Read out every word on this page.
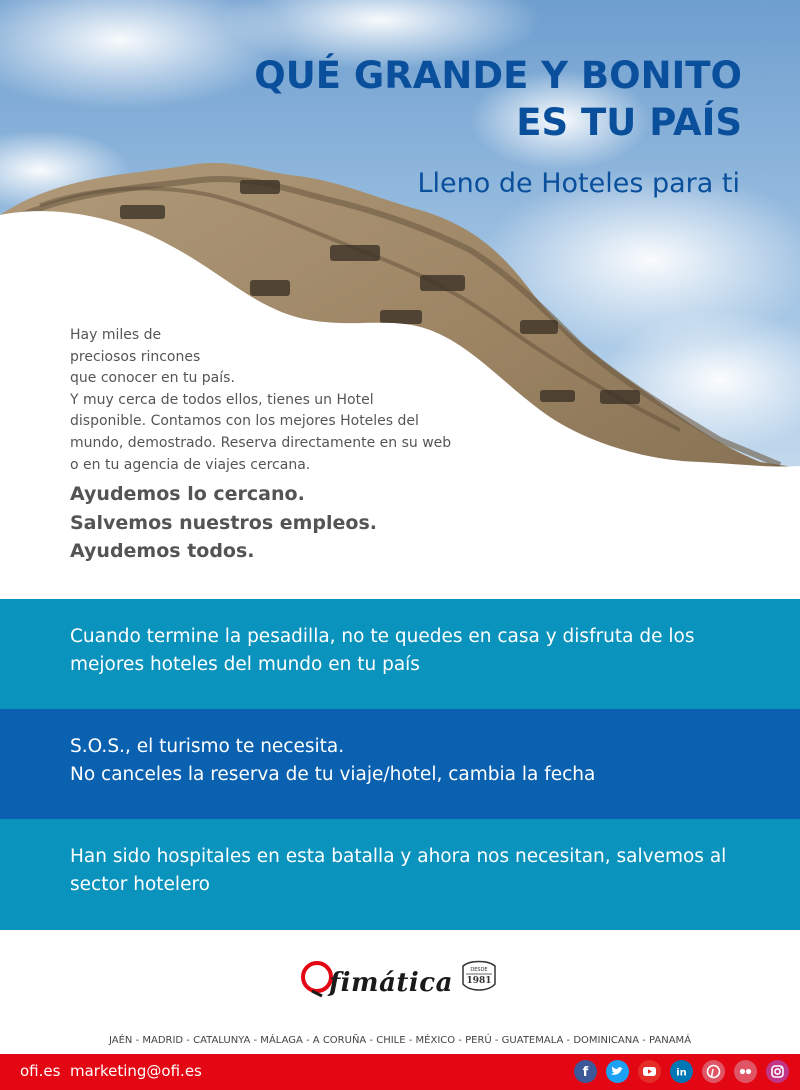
QUÉ GRANDE Y BONITO
ES TU PAÍS
Lleno de Hoteles para ti
Hay miles de
preciosos rincones
que conocer en tu país.
Y muy cerca de todos ellos, tienes un Hotel
disponible. Contamos con los mejores Hoteles del
mundo, demostrado. Reserva directamente en su web
o en tu agencia de viajes cercana.
Ayudemos lo cercano.
Salvemos nuestros empleos.
Ayudemos todos.
Cuando termine la pesadilla, no te quedes en casa y disfruta de los
mejores hoteles del mundo en tu país
S.O.S., el turismo te necesita.
No canceles la reserva de tu viaje/hotel, cambia la fecha
Han sido hospitales en esta batalla y ahora nos necesitan, salvemos al
sector hotelero
fimática	DESDE
1981
JAÉN - MADRID - CATALUNYA - MÁLAGA - A CORUÑA - CHILE - MÉXICO - PERÚ - GUATEMALA - DOMINICANA - PANAMÁ
ofi.es marketing@ofi.es	f	in
